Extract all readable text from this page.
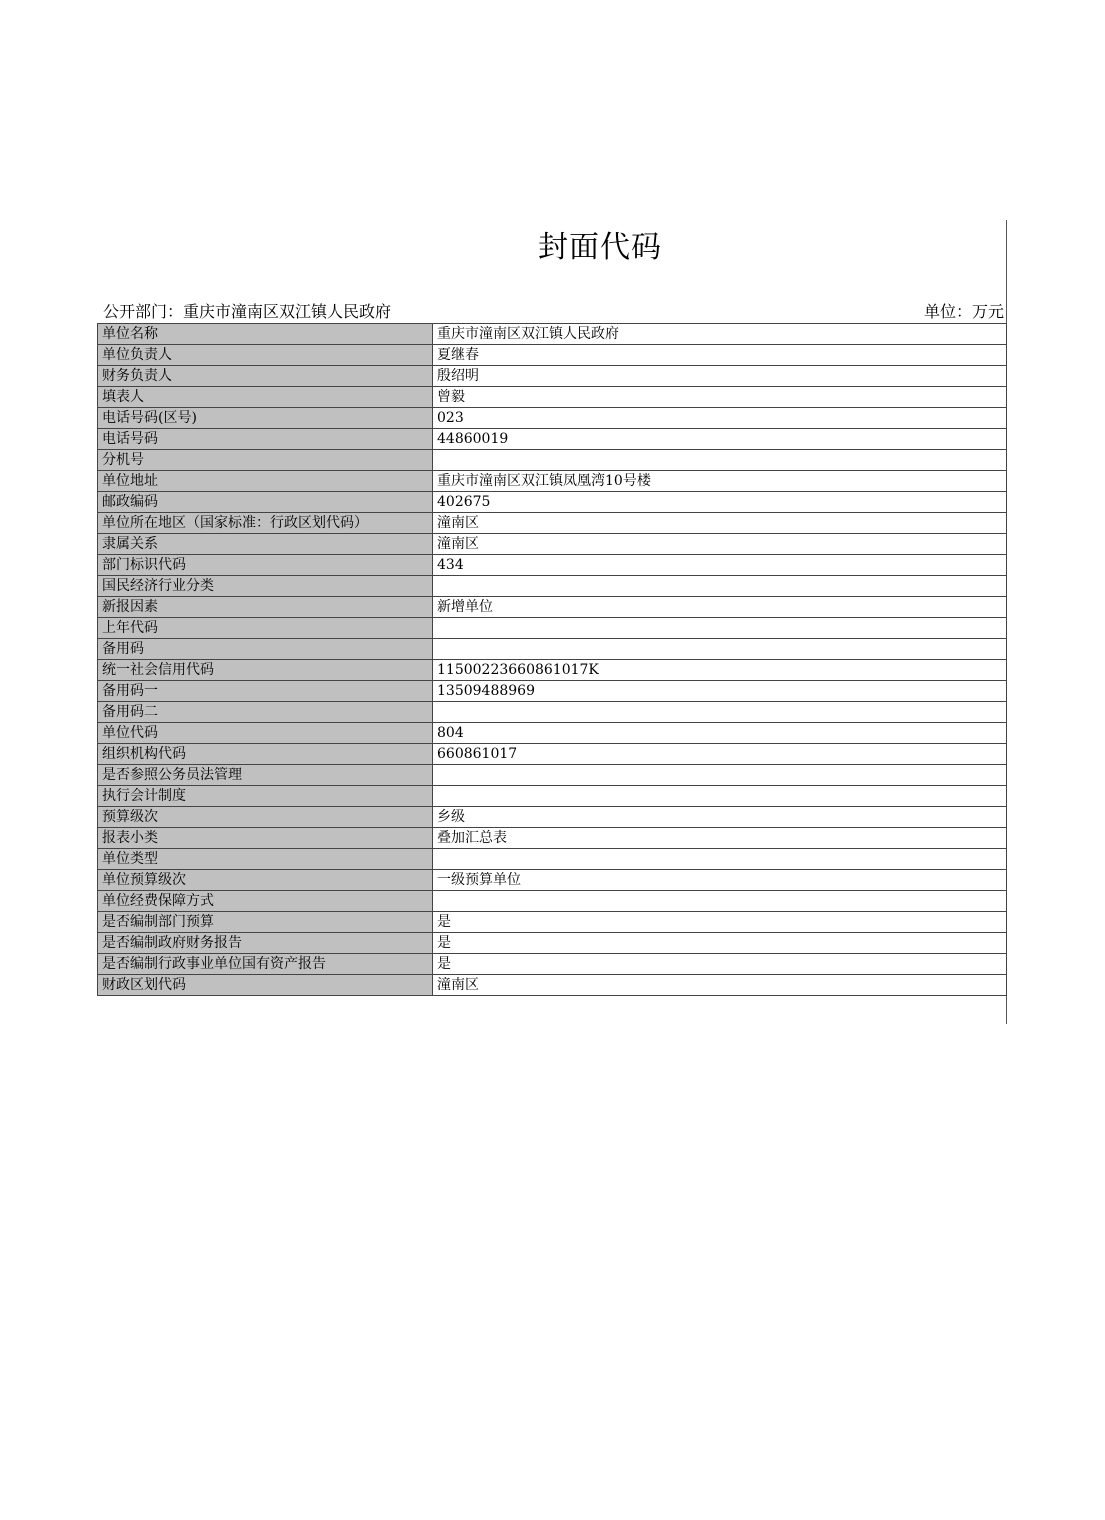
封面代码
公开部门：重庆市潼南区双江镇人民政府	单位：万元
单位名称	重庆市潼南区双江镇人民政府
单位负责人	夏继春
财务负责人	殷绍明
填表人	曾毅
电话号码(区号)	023
电话号码	44860019
分机号	
单位地址	重庆市潼南区双江镇凤凰湾10号楼
邮政编码	402675
单位所在地区（国家标准：行政区划代码）	潼南区
隶属关系	潼南区
部门标识代码	434
国民经济行业分类	
新报因素	新增单位
上年代码	
备用码	
统一社会信用代码	11500223660861017K
备用码一	13509488969
备用码二	
单位代码	804
组织机构代码	660861017
是否参照公务员法管理	
执行会计制度	
预算级次	乡级
报表小类	叠加汇总表
单位类型	
单位预算级次	一级预算单位
单位经费保障方式	
是否编制部门预算	是
是否编制政府财务报告	是
是否编制行政事业单位国有资产报告	是
财政区划代码	潼南区
